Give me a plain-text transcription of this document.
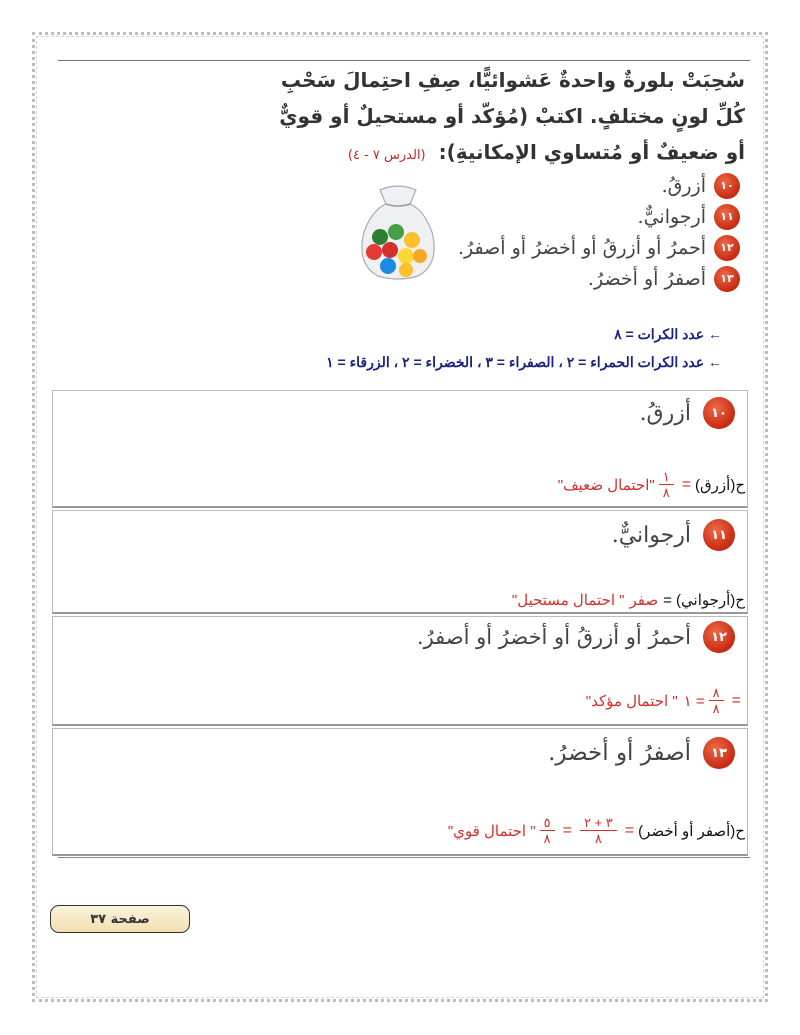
سُحِبَتْ بلورةٌ واحدةٌ عَشوائيًّا، صِفِ احتِمالَ سَحْبِ
كُلِّ لونٍ مختلفٍ. اكتبْ (مُؤكّد أو مستحيلٌ أو قويٌّ
أو ضعيفٌ أو مُتساوي الإمكانيةِ): (الدرس ٧ - ٤)
١٠
أزرقُ.
١١
أرجوانيٌّ.
١٢
أحمرُ أو أزرقُ أو أخضرُ أو أصفرُ.
١٣
أصفرُ أو أخضرُ.
← عدد الكرات = ٨
← عدد الكرات الحمراء = ٢ ، الصفراء = ٣ ، الخضراء = ٢ ، الزرقاء = ١
١٠
أزرقُ.
ح(أزرق)
=
$\frac{١}{٨}$
"احتمال ضعيف"
١١
أرجوانيٌّ.
ح(أرجواني) =
صفر
" احتمال مستحيل"
١٢
أحمرُ أو أزرقُ أو أخضرُ أو أصفرُ.
=
$\frac{٨}{٨}$
= ١
" احتمال مؤكد"
١٣
أصفرُ أو أخضرُ.
ح(أصفر أو أخضر)
=
$\frac{٣ + ٢}{٨}$
=
$\frac{٥}{٨}$
" احتمال قوي"
صفحة ٣٧
